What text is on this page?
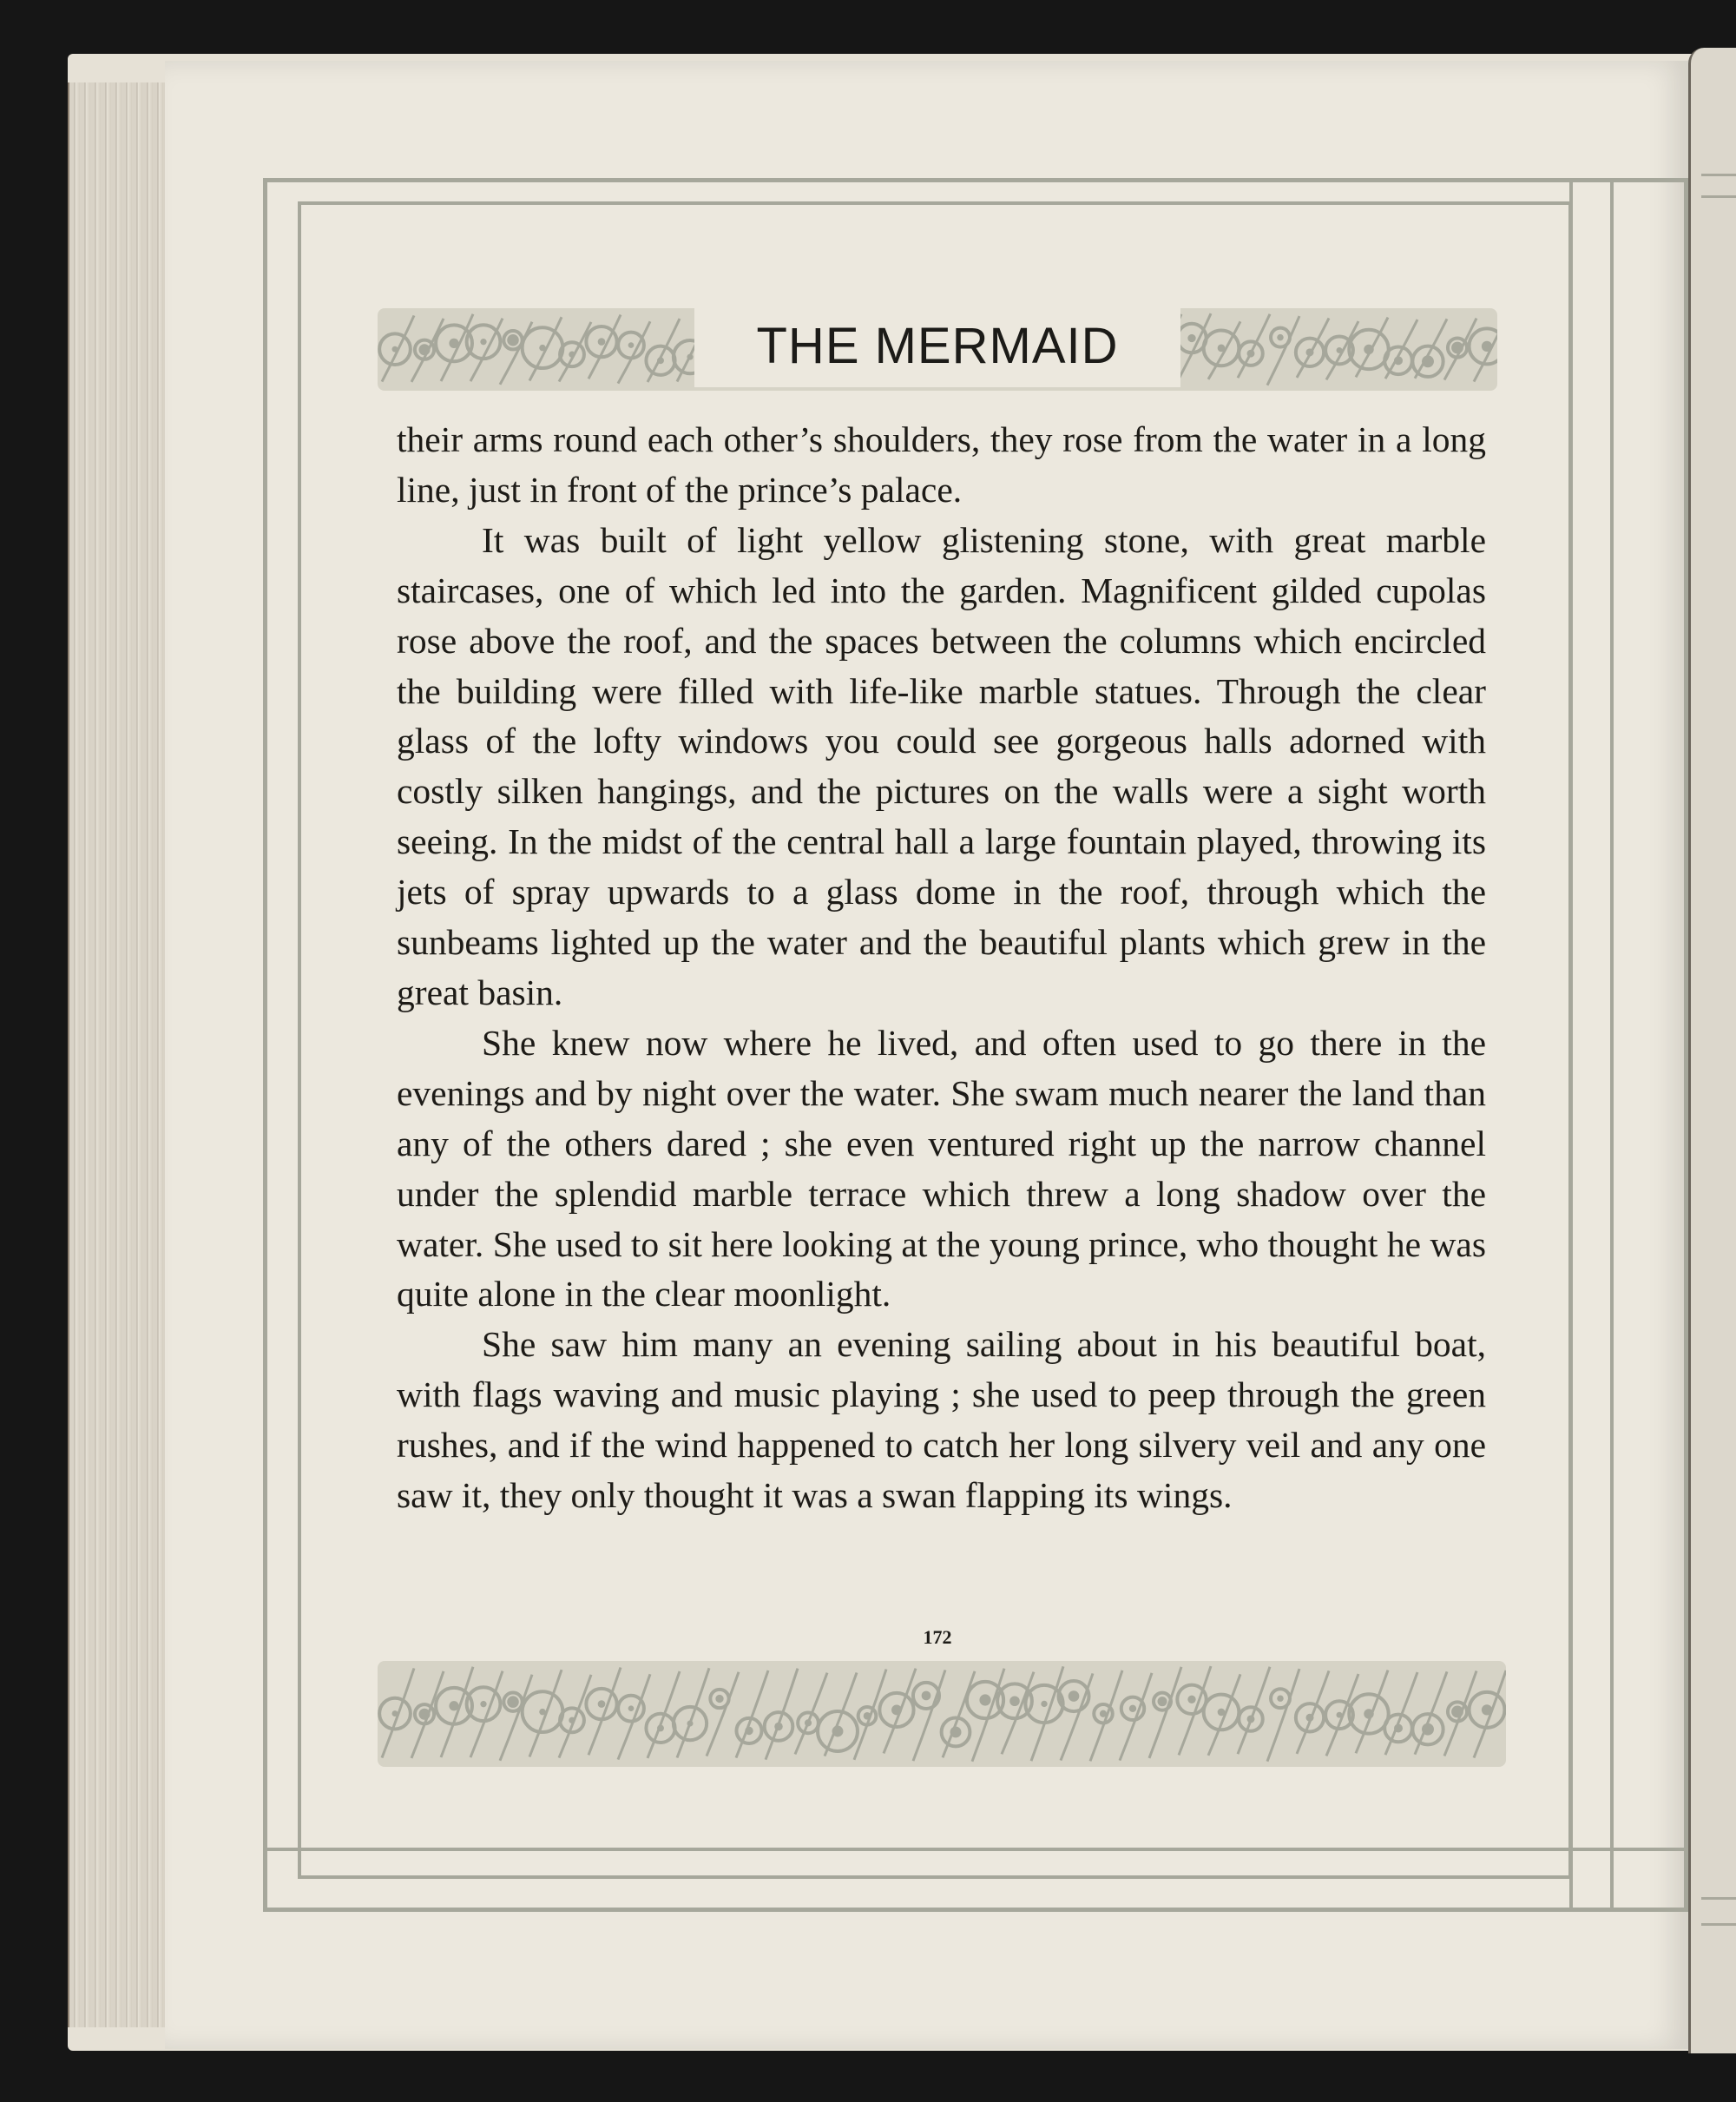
THE MERMAID

their arms round each other’s shoulders, they rose from the water in a long line, just in front of the prince’s palace.

It was built of light yellow glistening stone, with great marble staircases, one of which led into the garden. Magnificent gilded cupolas rose above the roof, and the spaces between the columns which encircled the building were filled with life-like marble statues. Through the clear glass of the lofty windows you could see gorgeous halls adorned with costly silken hangings, and the pictures on the walls were a sight worth seeing. In the midst of the central hall a large fountain played, throwing its jets of spray upwards to a glass dome in the roof, through which the sunbeams lighted up the water and the beautiful plants which grew in the great basin.

She knew now where he lived, and often used to go there in the evenings and by night over the water. She swam much nearer the land than any of the others dared ; she even ventured right up the narrow channel under the splendid marble terrace which threw a long shadow over the water. She used to sit here looking at the young prince, who thought he was quite alone in the clear moonlight.

She saw him many an evening sailing about in his beautiful boat, with flags waving and music playing ; she used to peep through the green rushes, and if the wind happened to catch her long silvery veil and any one saw it, they only thought it was a swan flapping its wings.

172
